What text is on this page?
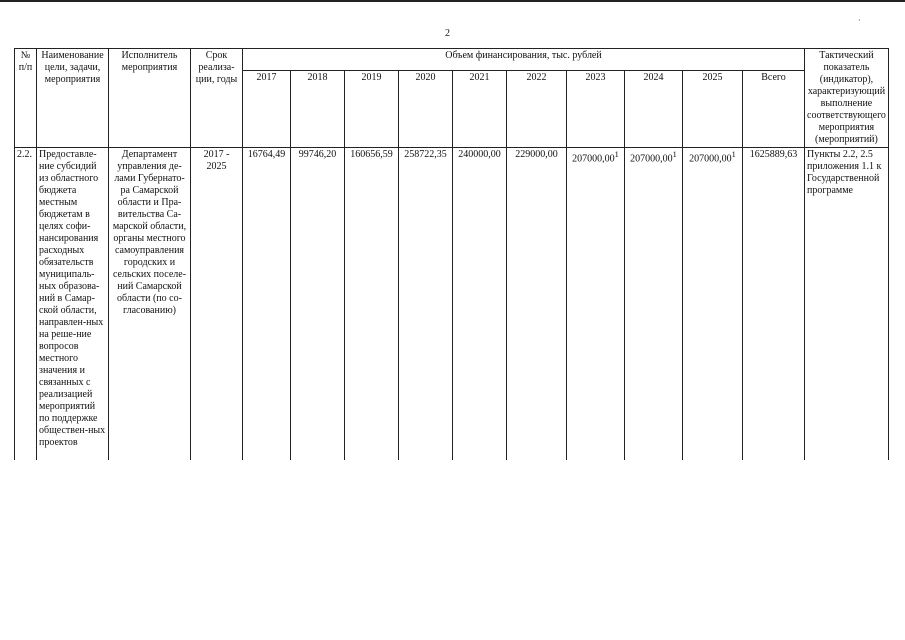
2
·
№ п/п	Наименование цели, задачи, мероприятия	Исполнитель мероприятия	Срок реализа-ции, годы	Объем финансирования, тыс. рублей										Тактический показатель (индикатор), характеризующий выполнение соответствующего мероприятия (мероприятий)
				2017	2018	2019	2020	2021	2022	2023	2024	2025	Всего	
2.2.	Предоставле-ние субсидий из областного бюджета местным бюджетам в целях софи-нансирования расходных обязательств муниципаль-ных образова-ний в Самар-ской области, направлен-ных на реше-ние вопросов местного значения и связанных с реализацией мероприятий по поддержке обществен-ных проектов	Департамент управления де-лами Губернато-ра Самарской области и Пра-вительства Са-марской области, органы местного самоуправления городских и сельских поселе-ний Самарской области (по со-гласованию)	2017 - 2025	16764,49	99746,20	160656,59	258722,35	240000,00	229000,00	207000,00$^1$	207000,00$^1$	207000,00$^1$	1625889,63	Пункты 2.2, 2.5 приложения 1.1 к Государственной программе
